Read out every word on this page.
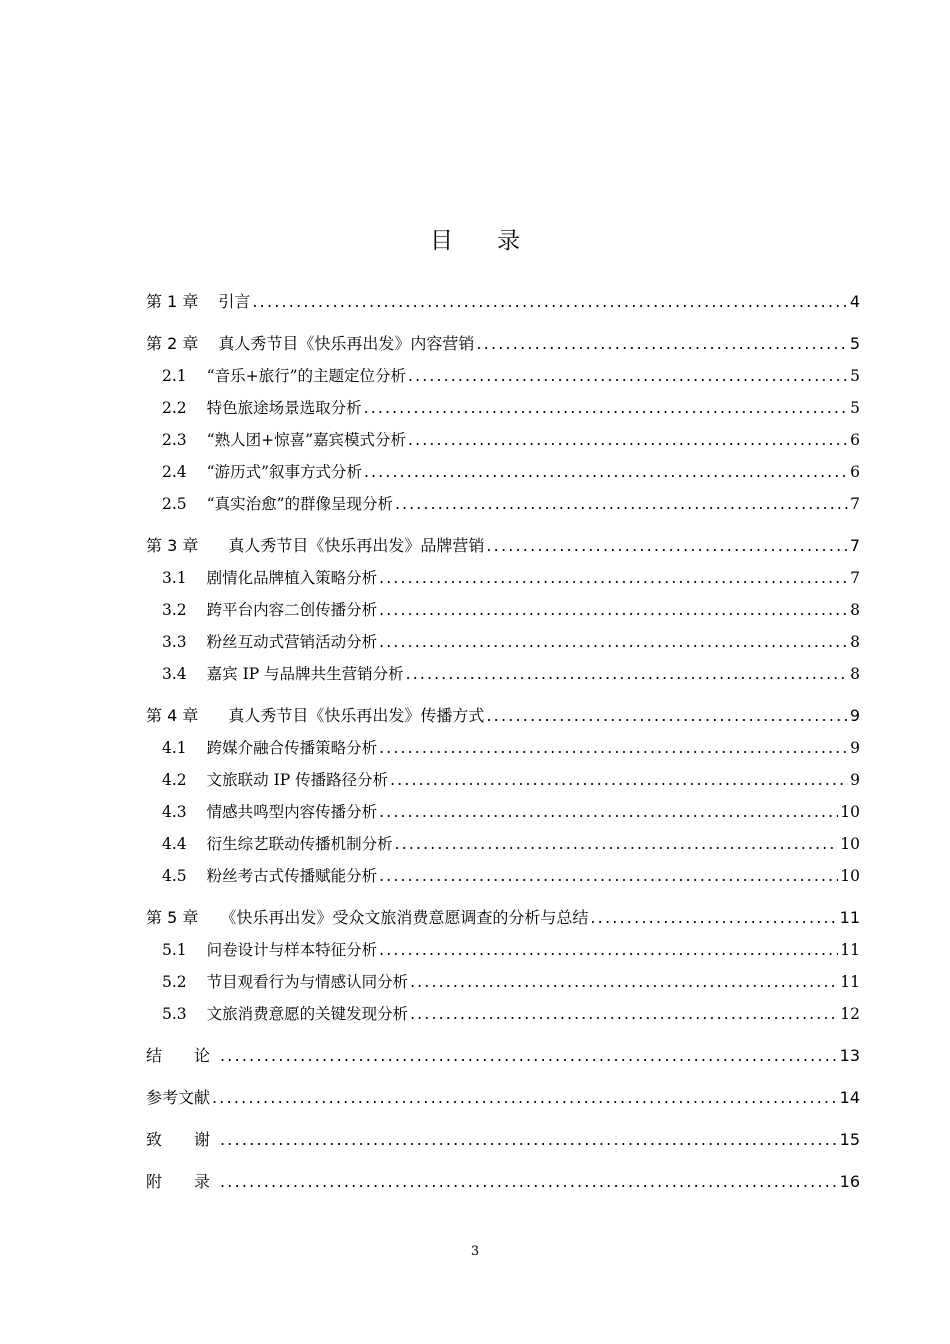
目录
第 1 章 引言 .....	4
第 2 章 真人秀节目《快乐再出发》内容营销 .....	5
2.1 “音乐+旅行”的主题定位分析 .....	5
2.2 特色旅途场景选取分析 .....	5
2.3 “熟人团+惊喜”嘉宾模式分析 .....	6
2.4 “游历式”叙事方式分析 .....	6
2.5 “真实治愈”的群像呈现分析 .....	7
第 3 章 真人秀节目《快乐再出发》品牌营销 .....	7
3.1 剧情化品牌植入策略分析 .....	7
3.2 跨平台内容二创传播分析 .....	8
3.3 粉丝互动式营销活动分析 .....	8
3.4 嘉宾 IP 与品牌共生营销分析 .....	8
第 4 章 真人秀节目《快乐再出发》传播方式 .....	9
4.1 跨媒介融合传播策略分析 .....	9
4.2 文旅联动 IP 传播路径分析 .....	9
4.3 情感共鸣型内容传播分析 .....	10
4.4 衍生综艺联动传播机制分析 .....	10
4.5 粉丝考古式传播赋能分析 .....	10
第 5 章 《快乐再出发》受众文旅消费意愿调查的分析与总结 .....	11
5.1 问卷设计与样本特征分析 .....	11
5.2 节目观看行为与情感认同分析 .....	11
5.3 文旅消费意愿的关键发现分析 .....	12
结　论 .....	13
参考文献 .....	14
致　谢 .....	15
附　录 .....	16
3
